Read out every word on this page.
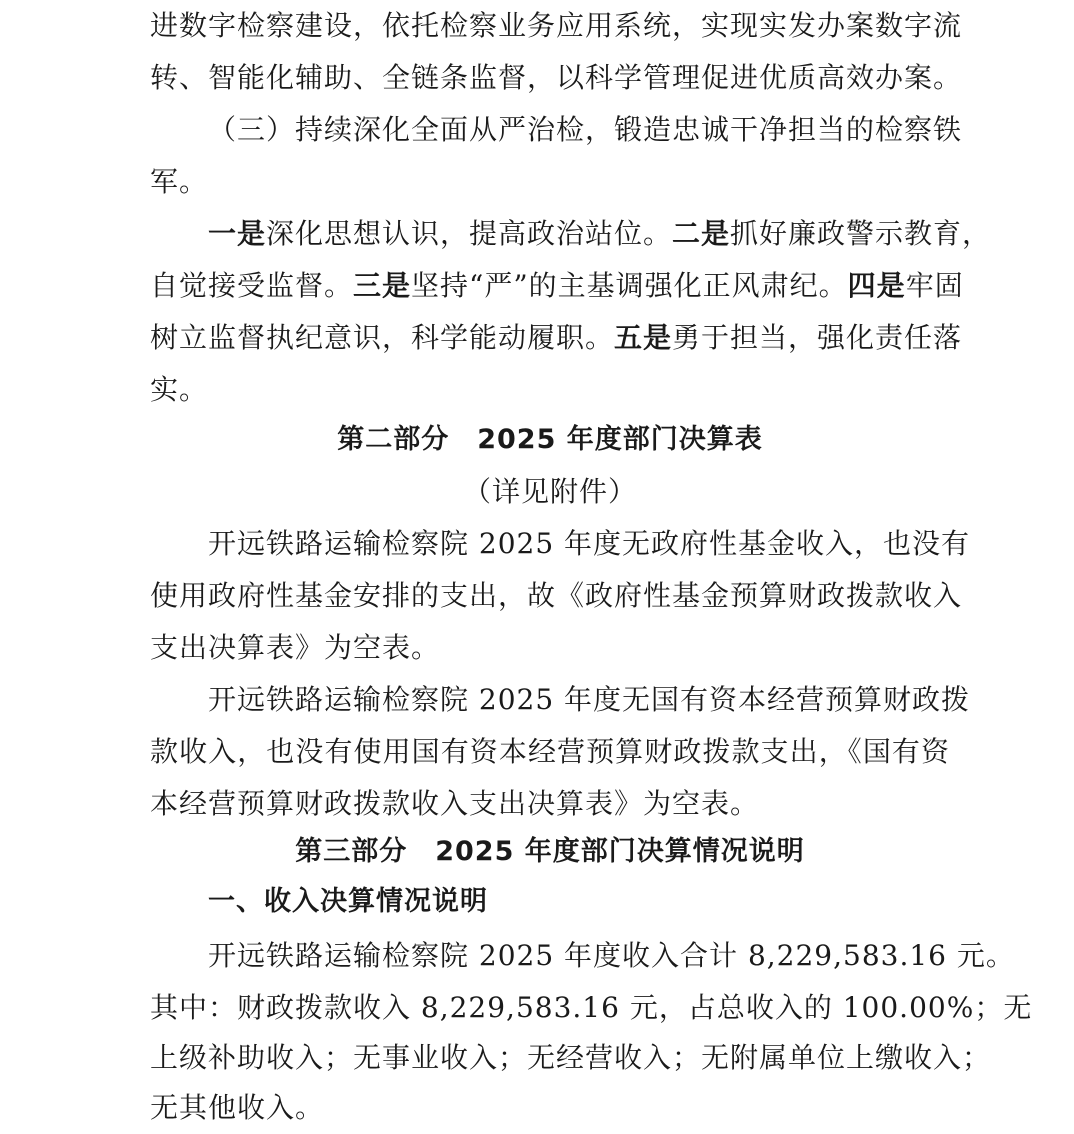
进数字检察建设，依托检察业务应用系统，实现实发办案数字流
转、智能化辅助、全链条监督，以科学管理促进优质高效办案。
（三）持续深化全面从严治检，锻造忠诚干净担当的检察铁
军。
一是深化思想认识，提高政治站位。二是抓好廉政警示教育，
自觉接受监督。三是坚持“严”的主基调强化正风肃纪。四是牢固
树立监督执纪意识，科学能动履职。五是勇于担当，强化责任落
实。
第二部分　2025 年度部门决算表
（详见附件）
开远铁路运输检察院 2025 年度无政府性基金收入，也没有
使用政府性基金安排的支出，故《政府性基金预算财政拨款收入
支出决算表》为空表。
开远铁路运输检察院 2025 年度无国有资本经营预算财政拨
款收入，也没有使用国有资本经营预算财政拨款支出，《国有资
本经营预算财政拨款收入支出决算表》为空表。
第三部分　2025 年度部门决算情况说明
一、收入决算情况说明
开远铁路运输检察院 2025 年度收入合计 8,229,583.16 元。
其中：财政拨款收入 8,229,583.16 元，占总收入的 100.00%；无
上级补助收入；无事业收入；无经营收入；无附属单位上缴收入；
无其他收入。
